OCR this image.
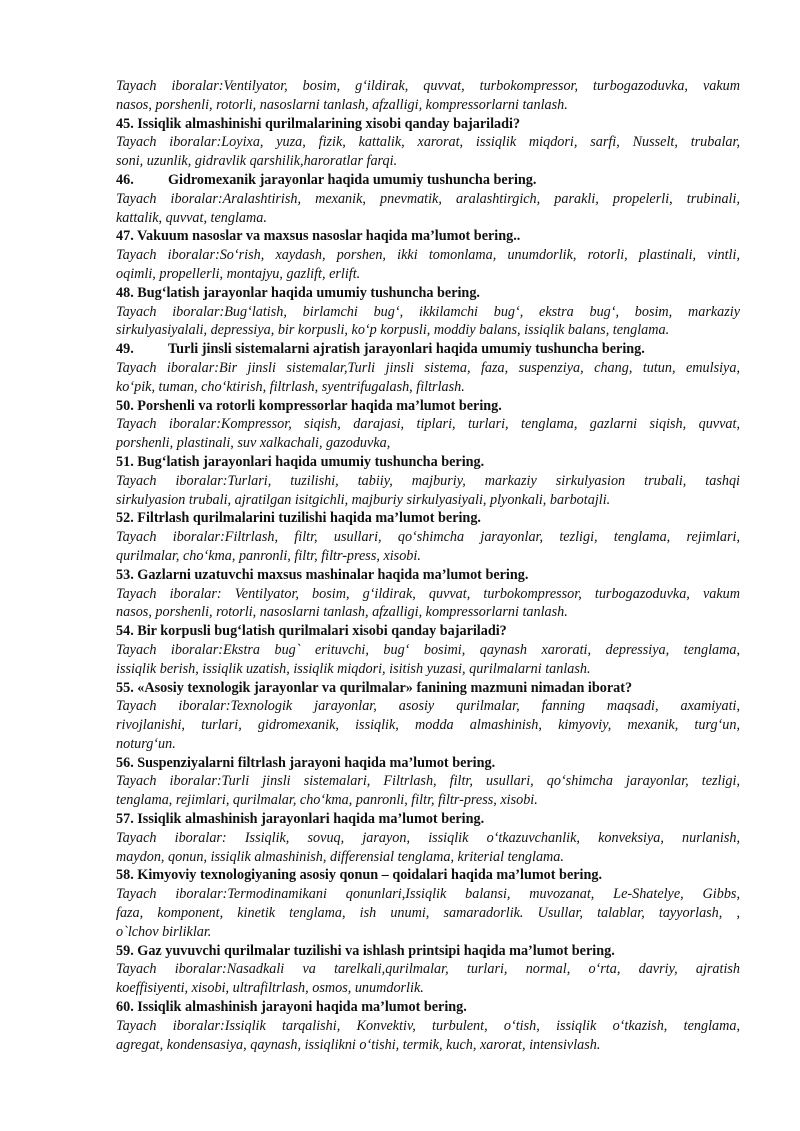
Tayach iboralar:Ventilyator, bosim, g‘ildirak, quvvat, turbokompressor, turbogazoduvka, vakum
nasos, porshenli, rotorli, nasoslarni tanlash, afzalligi, kompressorlarni tanlash.
45. Issiqlik almashinishi qurilmalarining xisobi qanday bajariladi?
Tayach iboralar:Loyixa, yuza, fizik, kattalik, xarorat, issiqlik miqdori, sarfi, Nusselt, trubalar,
soni, uzunlik, gidravlik qarshilik,haroratlar farqi.
46. Gidromexanik jarayonlar haqida umumiy tushuncha bering.
Tayach iboralar:Aralashtirish, mexanik, pnevmatik, aralashtirgich, parakli, propelerli, trubinali,
kattalik, quvvat, tenglama.
47. Vakuum nasoslar va maxsus nasoslar haqida ma’lumot bering..
Tayach iboralar:So‘rish, xaydash, porshen, ikki tomonlama, unumdorlik, rotorli, plastinali, vintli,
oqimli, propellerli, montajyu, gazlift, erlift.
48. Bug‘latish jarayonlar haqida umumiy tushuncha bering.
Tayach iboralar:Bug‘latish, birlamchi bug‘, ikkilamchi bug‘, ekstra bug‘, bosim, markaziy
sirkulyasiyalali, depressiya, bir korpusli, ko‘p korpusli, moddiy balans, issiqlik balans, tenglama.
49. Turli jinsli sistemalarni ajratish jarayonlari haqida umumiy tushuncha bering.
Tayach iboralar:Bir jinsli sistemalar,Turli jinsli sistema, faza, suspenziya, chang, tutun, emulsiya,
ko‘pik, tuman, cho‘ktirish, filtrlash, syentrifugalash, filtrlash.
50. Porshenli va rotorli kompressorlar haqida ma’lumot bering.
Tayach iboralar:Kompressor, siqish, darajasi, tiplari, turlari, tenglama, gazlarni siqish, quvvat,
porshenli, plastinali, suv xalkachali, gazoduvka,
51. Bug‘latish jarayonlari haqida umumiy tushuncha bering.
Tayach iboralar:Turlari, tuzilishi, tabiiy, majburiy, markaziy sirkulyasion trubali, tashqi
sirkulyasion trubali, ajratilgan isitgichli, majburiy sirkulyasiyali, plyonkali, barbotajli.
52. Filtrlash qurilmalarini tuzilishi haqida ma’lumot bering.
Tayach iboralar:Filtrlash, filtr, usullari, qo‘shimcha jarayonlar, tezligi, tenglama, rejimlari,
qurilmalar, cho‘kma, panronli, filtr, filtr-press, xisobi.
53. Gazlarni uzatuvchi maxsus mashinalar haqida ma’lumot bering.
Tayach iboralar: Ventilyator, bosim, g‘ildirak, quvvat, turbokompressor, turbogazoduvka, vakum
nasos, porshenli, rotorli, nasoslarni tanlash, afzalligi, kompressorlarni tanlash.
54. Bir korpusli bug‘latish qurilmalari xisobi qanday bajariladi?
Tayach iboralar:Ekstra bug` erituvchi, bug‘ bosimi, qaynash xarorati, depressiya, tenglama,
issiqlik berish, issiqlik uzatish, issiqlik miqdori, isitish yuzasi, qurilmalarni tanlash.
55. «Asosiy texnologik jarayonlar va qurilmalar» fanining mazmuni nimadan iborat?
Tayach iboralar:Texnologik jarayonlar, asosiy qurilmalar, fanning maqsadi, axamiyati,
rivojlanishi, turlari, gidromexanik, issiqlik, modda almashinish, kimyoviy, mexanik, turg‘un,
noturg‘un.
56. Suspenziyalarni filtrlash jarayoni haqida ma’lumot bering.
Tayach iboralar:Turli jinsli sistemalari, Filtrlash, filtr, usullari, qo‘shimcha jarayonlar, tezligi,
tenglama, rejimlari, qurilmalar, cho‘kma, panronli, filtr, filtr-press, xisobi.
57. Issiqlik almashinish jarayonlari haqida ma’lumot bering.
Tayach iboralar: Issiqlik, sovuq, jarayon, issiqlik o‘tkazuvchanlik, konveksiya, nurlanish,
maydon, qonun, issiqlik almashinish, differensial tenglama, kriterial tenglama.
58. Kimyoviy texnologiyaning asosiy qonun – qoidalari haqida ma’lumot bering.
Tayach iboralar:Termodinamikani qonunlari,Issiqlik balansi, muvozanat, Le-Shatelye, Gibbs,
faza, komponent, kinetik tenglama, ish unumi, samaradorlik. Usullar, talablar, tayyorlash, ,
o`lchov birliklar.
59. Gaz yuvuvchi qurilmalar tuzilishi va ishlash printsipi haqida ma’lumot bering.
Tayach iboralar:Nasadkali va tarelkali,qurilmalar, turlari, normal, o‘rta, davriy, ajratish
koeffisiyenti, xisobi, ultrafiltrlash, osmos, unumdorlik.
60. Issiqlik almashinish jarayoni haqida ma’lumot bering.
Tayach iboralar:Issiqlik tarqalishi, Konvektiv, turbulent, o‘tish, issiqlik o‘tkazish, tenglama,
agregat, kondensasiya, qaynash, issiqlikni o‘tishi, termik, kuch, xarorat, intensivlash.
